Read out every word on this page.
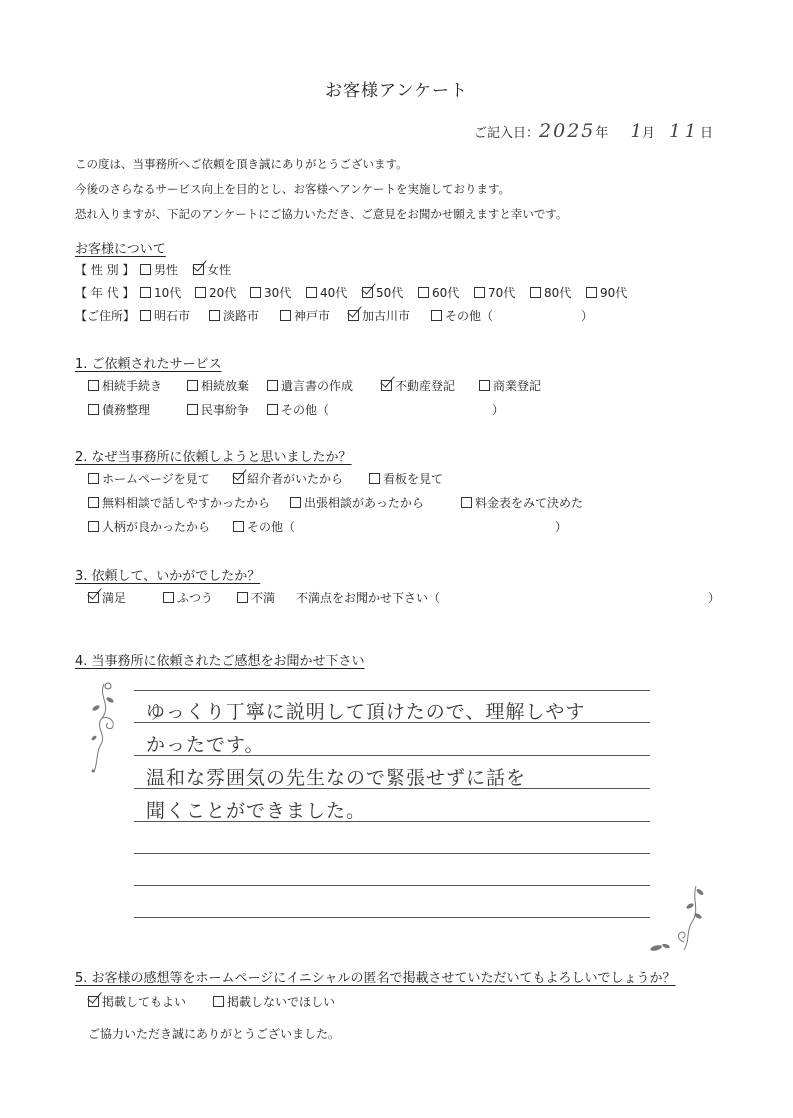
お客様アンケート
ご記入日：2025年 1月 11日
この度は、当事務所へご依頼を頂き誠にありがとうございます。
今後のさらなるサービス向上を目的とし、お客様へアンケートを実施しております。
恐れ入りますが、下記のアンケートにご協力いただき、ご意見をお聞かせ願えますと幸いです。
お客様について
【 性 別 】	男性	女性
【 年 代 】	10代	20代	30代	40代	50代	60代	70代	80代	90代
【ご住所】	明石市	淡路市	神戸市	加古川市	その他（	）
1. ご依頼されたサービス
相続手続き	相続放棄	遺言書の作成	不動産登記	商業登記
債務整理	民事紛争	その他（	）
2. なぜ当事務所に依頼しようと思いましたか？
ホームページを見て	紹介者がいたから	看板を見て
無料相談で話しやすかったから	出張相談があったから	料金表をみて決めた
人柄が良かったから	その他（	）
3. 依頼して、いかがでしたか？
満足	ふつう	不満 不満点をお聞かせ下さい（	）
4. 当事務所に依頼されたご感想をお聞かせ下さい
ゆっくり丁寧に説明して頂けたので、理解しやす
かったです。
温和な雰囲気の先生なので緊張せずに話を
聞くことができました。
5. お客様の感想等をホームページにイニシャルの匿名で掲載させていただいてもよろしいでしょうか？
掲載してもよい	掲載しないでほしい
ご協力いただき誠にありがとうございました。
